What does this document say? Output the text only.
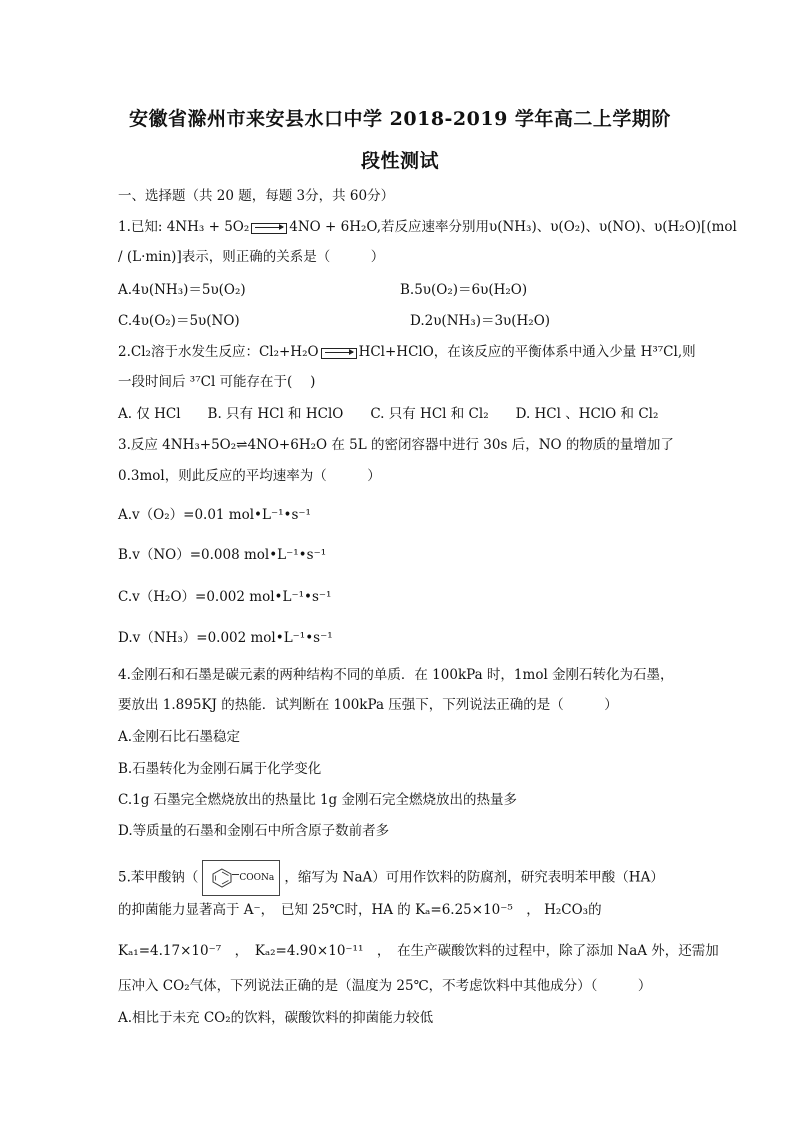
安徽省滁州市来安县水口中学 2018-2019 学年高二上学期阶
段性测试
一、选择题（共 20 题，每题 3分，共 60分）
1.已知: 4NH₃ + 5O₂	4NO + 6H₂O,若反应速率分别用υ(NH₃)、υ(O₂)、υ(NO)、υ(H₂O)[(mol
/ (L·min)]表示，则正确的关系是（　　　）
A.4υ(NH₃)＝5υ(O₂)	B.5υ(O₂)＝6υ(H₂O)
C.4υ(O₂)＝5υ(NO)	D.2υ(NH₃)＝3υ(H₂O)
2.Cl₂溶于水发生反应：Cl₂+H₂O	HCl+HClO，在该反应的平衡体系中通入少量 H³⁷Cl,则
一段时间后 ³⁷Cl 可能存在于(　 )
A. 仅 HCl　　B. 只有 HCl 和 HClO　　C. 只有 HCl 和 Cl₂　　D. HCl 、HClO 和 Cl₂
3.反应 4NH₃+5O₂⇌4NO+6H₂O 在 5L 的密闭容器中进行 30s 后，NO 的物质的量增加了
0.3mol，则此反应的平均速率为（　　　）
A.v（O₂）=0.01 mol•L⁻¹•s⁻¹
B.v（NO）=0.008 mol•L⁻¹•s⁻¹
C.v（H₂O）=0.002 mol•L⁻¹•s⁻¹
D.v（NH₃）=0.002 mol•L⁻¹•s⁻¹
4.金刚石和石墨是碳元素的两种结构不同的单质．在 100kPa 时，1mol 金刚石转化为石墨，
要放出 1.895KJ 的热能．试判断在 100kPa 压强下，下列说法正确的是（　　　）
A.金刚石比石墨稳定
B.石墨转化为金刚石属于化学变化
C.1g 石墨完全燃烧放出的热量比 1g 金刚石完全燃烧放出的热量多
D.等质量的石墨和金刚石中所含原子数前者多
5.苯甲酸钠（	COONa ，缩写为 NaA）可用作饮料的防腐剂，研究表明苯甲酸（HA）
的抑菌能力显著高于 A⁻，　已知 25℃时，HA 的 Kₐ=6.25×10⁻⁵　， H₂CO₃的
Kₐ₁=4.17×10⁻⁷　，　Kₐ₂=4.90×10⁻¹¹　，　在生产碳酸饮料的过程中，除了添加 NaA 外，还需加
压冲入 CO₂气体，下列说法正确的是（温度为 25℃，不考虑饮料中其他成分）（　　　）
A.相比于未充 CO₂的饮料，碳酸饮料的抑菌能力较低
